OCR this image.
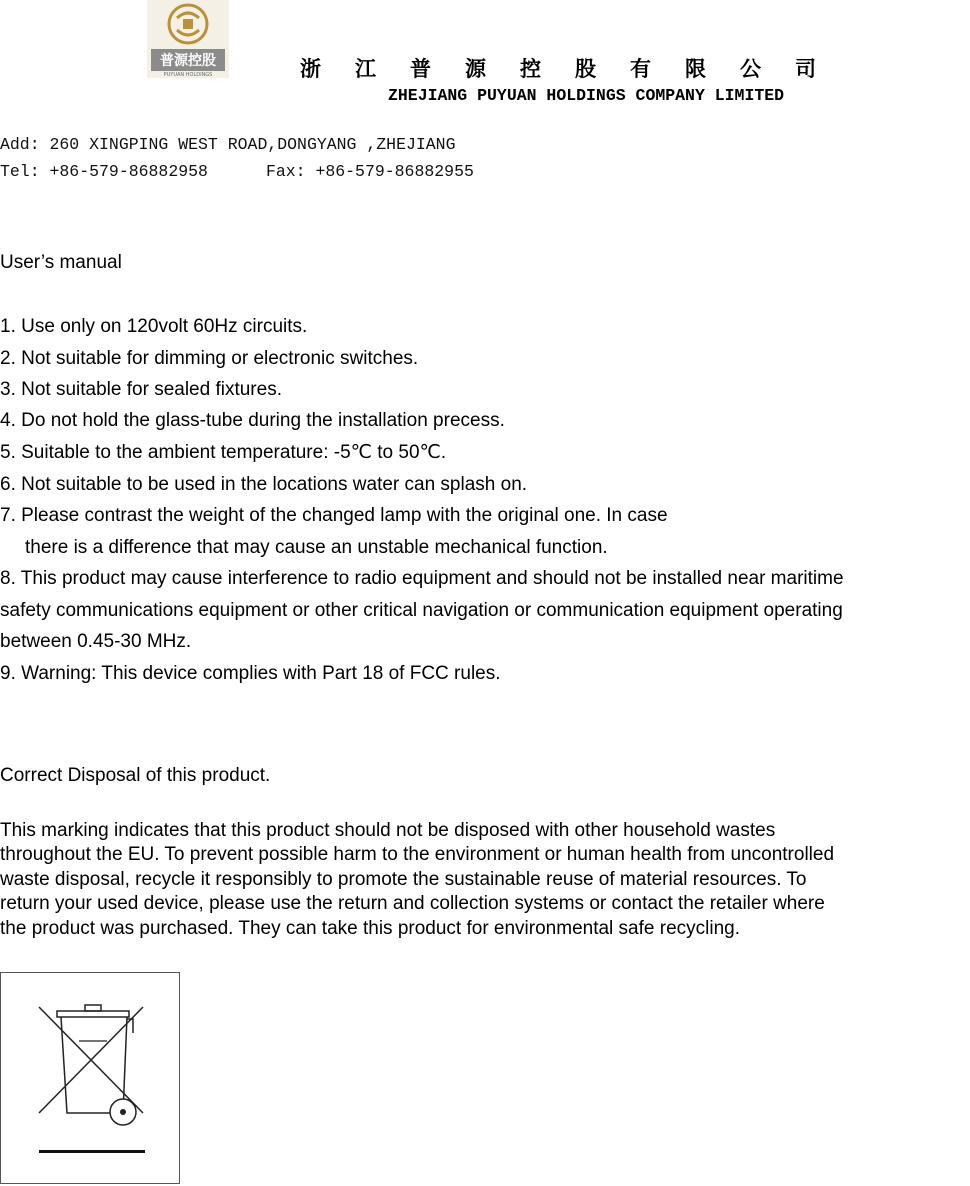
普源控股
PUYUAN HOLDINGS	浙江普源控股有限公司
ZHEJIANG PUYUAN HOLDINGS COMPANY LIMITED
Add: 260 XINGPING WEST ROAD,DONGYANG ,ZHEJIANG
Tel: +86-579-86882958	Fax: +86-579-86882955
User’s manual
1. Use only on 120volt 60Hz circuits.
2. Not suitable for dimming or electronic switches.
3. Not suitable for sealed fixtures.
4. Do not hold the glass-tube during the installation precess.
5. Suitable to the ambient temperature: -5℃ to 50℃.
6. Not suitable to be used in the locations water can splash on.
7. Please contrast the weight of the changed lamp with the original one. In case
there is a difference that may cause an unstable mechanical function.
8. This product may cause interference to radio equipment and should not be installed near maritime
safety communications equipment or other critical navigation or communication equipment operating
between 0.45-30 MHz.
9. Warning: This device complies with Part 18 of FCC rules.
Correct Disposal of this product.
This marking indicates that this product should not be disposed with other household wastes
throughout the EU. To prevent possible harm to the environment or human health from uncontrolled
waste disposal, recycle it responsibly to promote the sustainable reuse of material resources. To
return your used device, please use the return and collection systems or contact the retailer where
the product was purchased. They can take this product for environmental safe recycling.
